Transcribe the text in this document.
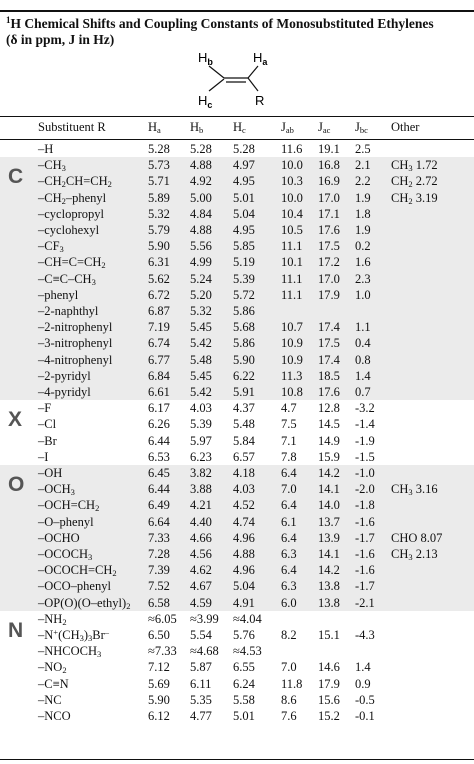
$^1$H Chemical Shifts and Coupling Constants of Monosubstituted Ethylenes
(δ in ppm, J in Hz)
$H_b$	$H_a$
$H_c$	R
Substituent R	$H_a$ $H_b$ $H_c$	$J_{ab}$ $J_{ac}$ $J_{bc}$ Other
–H	5.28 5.28 5.28 11.6 19.1 2.5
C $-CH_3$	5.73 4.88 4.97 10.0 16.8 2.1 $CH_3$ 1.72
$-CH_2CH=CH_2$	5.71 4.92 4.95 10.3 16.9 2.2 $CH_2$ 2.72
$-CH_2$–phenyl	5.89 5.00 5.01 10.0 17.0 1.9 $CH_2$ 3.19
–cyclopropyl	5.32 4.84 5.04 10.4 17.1 1.8
–cyclohexyl	5.79 4.88 4.95 10.5 17.6 1.9
$-CF_3$	5.90 5.56 5.85 11.1 17.5 0.2
$-CH=C=CH_2$	6.31 4.99 5.19 10.1 17.2 1.6
$-C\equiv C-CH_3$	5.62 5.24 5.39 11.1 17.0 2.3
–phenyl	6.72 5.20 5.72 11.1 17.9 1.0
–2-naphthyl	6.87 5.32 5.86
–2-nitrophenyl	7.19 5.45 5.68 10.7 17.4 1.1
–3-nitrophenyl	6.74 5.42 5.86 10.9 17.5 0.4
–4-nitrophenyl	6.77 5.48 5.90 10.9 17.4 0.8
–2-pyridyl	6.84 5.45 6.22 11.3 18.5 1.4
–4-pyridyl	6.61 5.42 5.91 10.8 17.6 0.7
X –F	6.17 4.03 4.37 4.7 12.8 -3.2
–Cl	6.26 5.39 5.48 7.5 14.5 -1.4
–Br	6.44 5.97 5.84 7.1 14.9 -1.9
–I	6.53 6.23 6.57 7.8 15.9 -1.5
O –OH	6.45 3.82 4.18 6.4 14.2 -1.0
$-OCH_3$	6.44 3.88 4.03 7.0 14.1 -2.0 $CH_3$ 3.16
$-OCH=CH_2$	6.49 4.21 4.52 6.4 14.0 -1.8
–O–phenyl	6.64 4.40 4.74 6.1 13.7 -1.6
–OCHO	7.33 4.66 4.96 6.4 13.9 -1.7 CHO 8.07
$-OCOCH_3$	7.28 4.56 4.88 6.3 14.1 -1.6 $CH_3$ 2.13
$-OCOCH=CH_2$	7.39 4.62 4.96 6.4 14.2 -1.6
–OCO–phenyl	7.52 4.67 5.04 6.3 13.8 -1.7
$-OP(O)(O-ethyl)_2$ 6.58 4.59 4.91 6.0 13.8 -2.1
N $-NH_2$	≈6.05 ≈3.99 ≈4.04
$-N^+(CH_3)_3Br^-$	6.50 5.54 5.76 8.2 15.1 -4.3
$-NHCOCH_3$	≈7.33 ≈4.68 ≈4.53
$-NO_2$	7.12 5.87 6.55 7.0 14.6 1.4
–C≡N	5.69 6.11 6.24 11.8 17.9 0.9
–NC	5.90 5.35 5.58 8.6 15.6 -0.5
–NCO	6.12 4.77 5.01 7.6 15.2 -0.1
